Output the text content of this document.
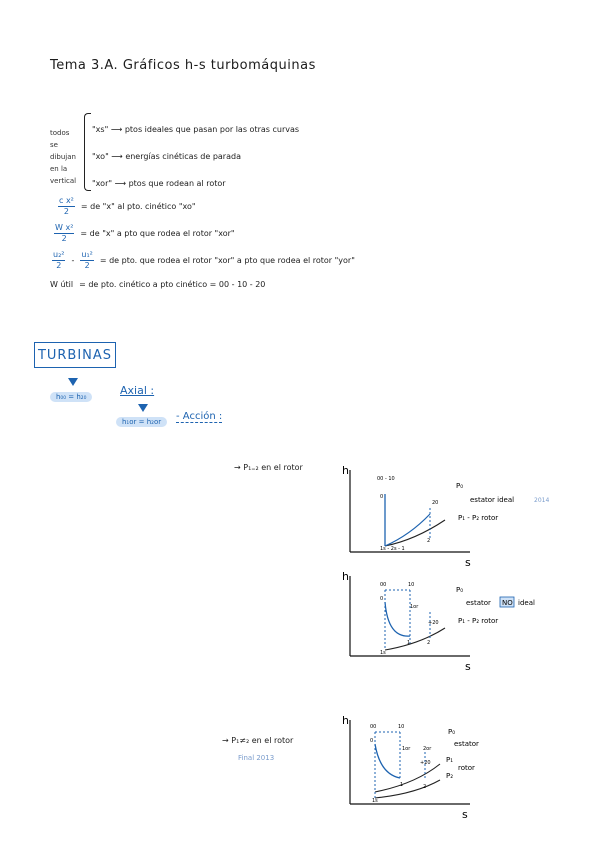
Tema 3.A. Gráficos h-s turbomáquinas
todos
se
dibujan
en la
vertical
"xs" ⟶ ptos ideales que pasan por las otras curvas
"xo" ⟶ energías cinéticas de parada
"xor" ⟶ ptos que rodean al rotor
$\frac{\text{c x²}}{2}$ = de "x" al pto. cinético "xo"
$\frac{\text{W x²}}{2}$ = de "x" a pto que rodea el rotor "xor"
$\frac{\text{u₂²}}{2} - \frac{\text{u₁²}}{2}$ = de pto. que rodea el rotor "xor" a pto que rodea el rotor "yor"
W útil = de pto. cinético a pto cinético = 00 - 10 - 20
TURBINAS
h₀₀ = h₂₀	Axial :
h₁or = h₂or	- Acción :
→ P₁₌₂ en el rotor
→ P₁≠₂ en el rotor
Final 2013
h
s
00 - 10
0
20
1s - 2s - 1
2
P₀
estator ideal	2014
P₁ - P₂ rotor
h
s
00	10
0
1or
+20
1s
1	2
P₀
estator NO ideal
P₁ - P₂ rotor
h
s
00	10
0
1or	2or
+20
1s
1	2
P₀
estator
P₁
rotor
P₂
